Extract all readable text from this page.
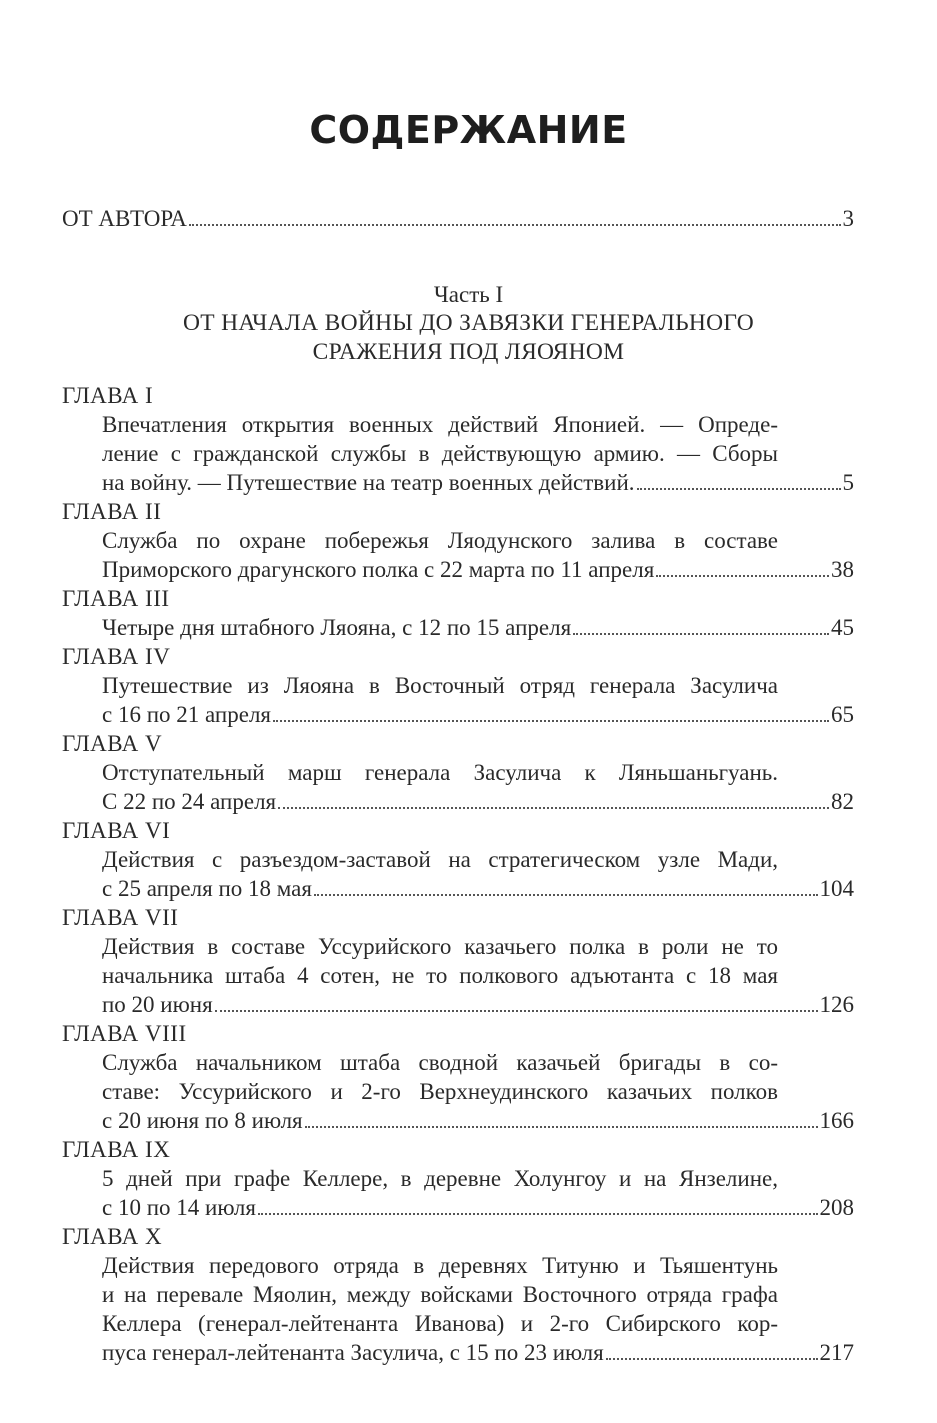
СОДЕРЖАНИЕ
ОТ АВТОРА	3
Часть I
ОТ НАЧАЛА ВОЙНЫ ДО ЗАВЯЗКИ ГЕНЕРАЛЬНОГО
СРАЖЕНИЯ ПОД ЛЯОЯНОМ
ГЛАВА I
Впечатления открытия военных действий Японией. — Опреде-
ление с гражданской службы в действующую армию. — Сборы
на войну. — Путешествие на театр военных действий.	5
ГЛАВА II
Служба по охране побережья Ляодунского залива в составе
Приморского драгунского полка с 22 марта по 11 апреля	38
ГЛАВА III
Четыре дня штабного Ляояна, с 12 по 15 апреля	45
ГЛАВА IV
Путешествие из Ляояна в Восточный отряд генерала Засулича
с 16 по 21 апреля	65
ГЛАВА V
Отступательный марш генерала Засулича к Ляньшаньгуань.
С 22 по 24 апреля	82
ГЛАВА VI
Действия с разъездом-заставой на стратегическом узле Мади,
с 25 апреля по 18 мая	104
ГЛАВА VII
Действия в составе Уссурийского казачьего полка в роли не то
начальника штаба 4 сотен, не то полкового адъютанта с 18 мая
по 20 июня	126
ГЛАВА VIII
Служба начальником штаба сводной казачьей бригады в со-
ставе: Уссурийского и 2-го Верхнеудинского казачьих полков
с 20 июня по 8 июля	166
ГЛАВА IX
5 дней при графе Келлере, в деревне Холунгоу и на Янзелине,
с 10 по 14 июля	208
ГЛАВА X
Действия передового отряда в деревнях Титуню и Тьяшентунь
и на перевале Мяолин, между войсками Восточного отряда графа
Келлера (генерал-лейтенанта Иванова) и 2-го Сибирского кор-
пуса генерал-лейтенанта Засулича, с 15 по 23 июля	217
